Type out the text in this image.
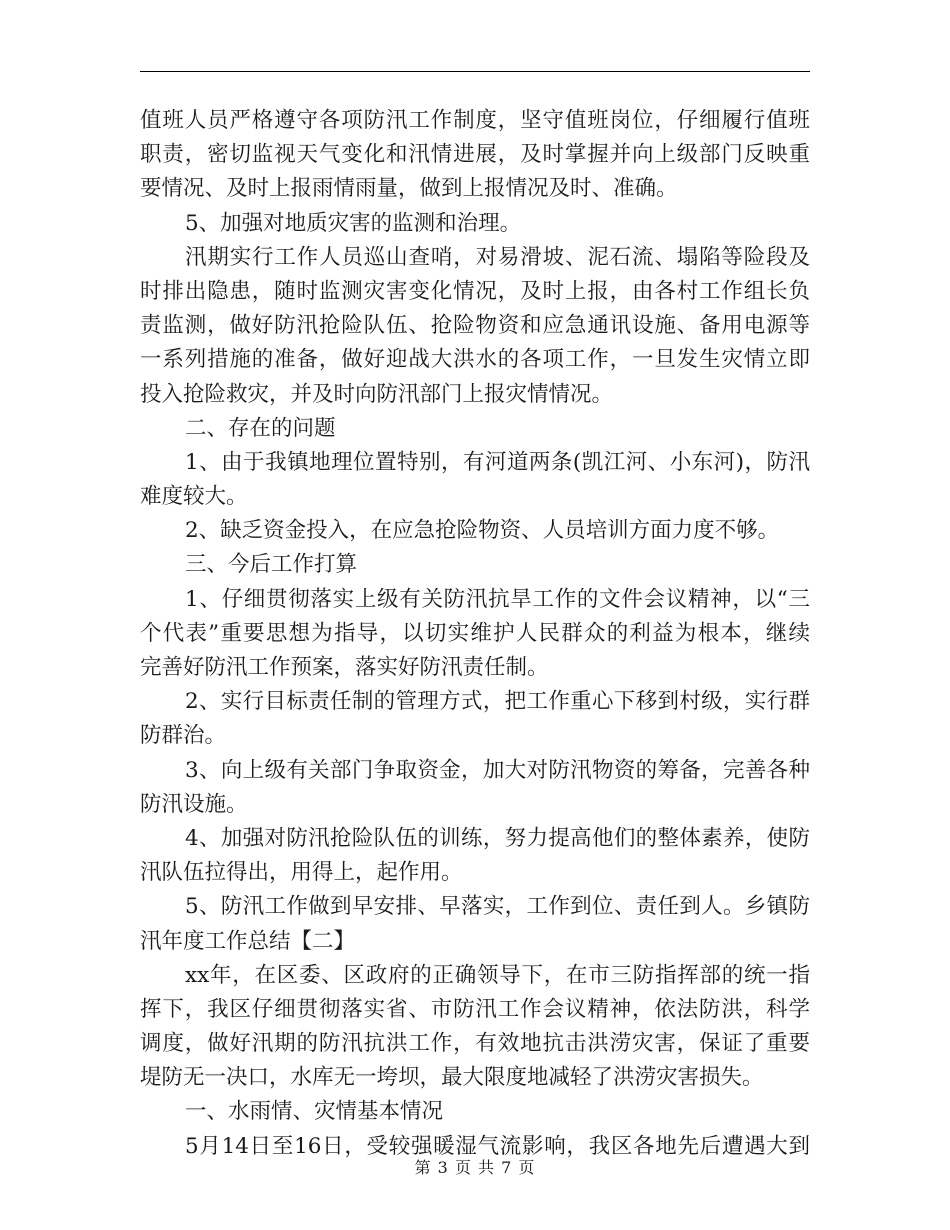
值班人员严格遵守各项防汛工作制度，坚守值班岗位，仔细履行值班
职责，密切监视天气变化和汛情进展，及时掌握并向上级部门反映重
要情况、及时上报雨情雨量，做到上报情况及时、准确。
5、加强对地质灾害的监测和治理。
汛期实行工作人员巡山查哨，对易滑坡、泥石流、塌陷等险段及
时排出隐患，随时监测灾害变化情况，及时上报，由各村工作组长负
责监测，做好防汛抢险队伍、抢险物资和应急通讯设施、备用电源等
一系列措施的准备，做好迎战大洪水的各项工作，一旦发生灾情立即
投入抢险救灾，并及时向防汛部门上报灾情情况。
二、存在的问题
1、由于我镇地理位置特别，有河道两条(凯江河、小东河)，防汛
难度较大。
2、缺乏资金投入，在应急抢险物资、人员培训方面力度不够。
三、今后工作打算
1、仔细贯彻落实上级有关防汛抗旱工作的文件会议精神，以“三
个代表”重要思想为指导，以切实维护人民群众的利益为根本，继续
完善好防汛工作预案，落实好防汛责任制。
2、实行目标责任制的管理方式，把工作重心下移到村级，实行群
防群治。
3、向上级有关部门争取资金，加大对防汛物资的筹备，完善各种
防汛设施。
4、加强对防汛抢险队伍的训练，努力提高他们的整体素养，使防
汛队伍拉得出，用得上，起作用。
5、防汛工作做到早安排、早落实，工作到位、责任到人。乡镇防
汛年度工作总结【二】
xx年，在区委、区政府的正确领导下，在市三防指挥部的统一指
挥下，我区仔细贯彻落实省、市防汛工作会议精神，依法防洪，科学
调度，做好汛期的防汛抗洪工作，有效地抗击洪涝灾害，保证了重要
堤防无一决口，水库无一垮坝，最大限度地减轻了洪涝灾害损失。
一、水雨情、灾情基本情况
5月14日至16日，受较强暖湿气流影响，我区各地先后遭遇大到
第 3 页 共 7 页
